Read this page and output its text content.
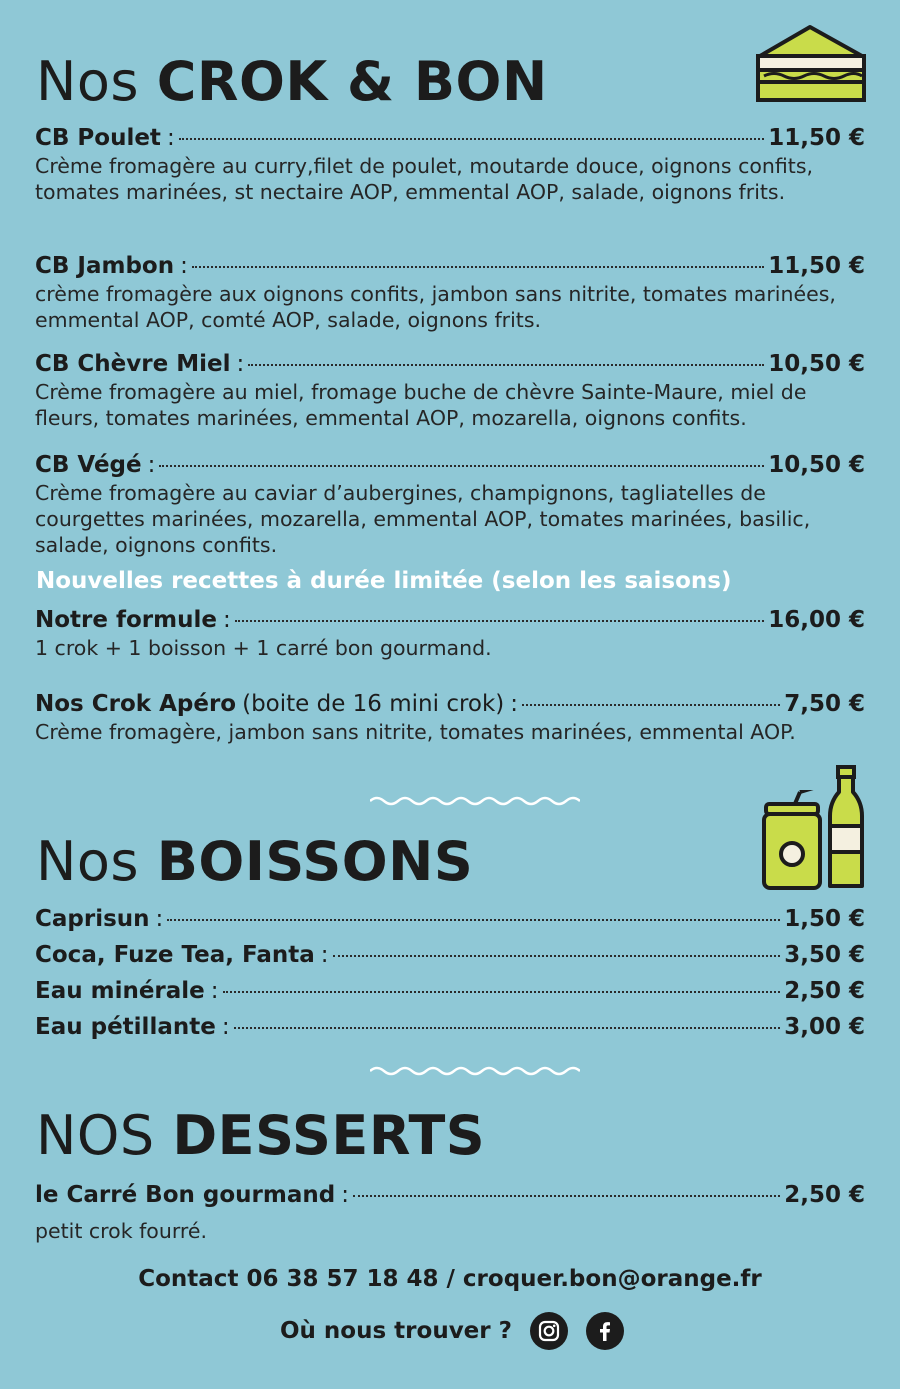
Nos CROK & BON
CB Poulet :	11,50 €
Crème fromagère au curry,filet de poulet, moutarde douce, oignons confits, tomates marinées, st nectaire AOP, emmental AOP, salade, oignons frits.
CB Jambon :	11,50 €
crème fromagère aux oignons confits, jambon sans nitrite, tomates marinées, emmental AOP, comté AOP, salade, oignons frits.
CB Chèvre Miel :	10,50 €
Crème fromagère au miel, fromage buche de chèvre Sainte-Maure, miel de fleurs, tomates marinées, emmental AOP, mozarella, oignons confits.
CB Végé :	10,50 €
Crème fromagère au caviar d’aubergines, champignons, tagliatelles de courgettes marinées, mozarella, emmental AOP, tomates marinées, basilic, salade, oignons confits.
Nouvelles recettes à durée limitée (selon les saisons)
Notre formule :	16,00 €
1 crok + 1 boisson + 1 carré bon gourmand.
Nos Crok Apéro (boite de 16 mini crok) :	7,50 €
Crème fromagère, jambon sans nitrite, tomates marinées, emmental AOP.
Nos BOISSONS
Caprisun :	1,50 €
Coca, Fuze Tea, Fanta :	3,50 €
Eau minérale :	2,50 €
Eau pétillante :	3,00 €
NOS DESSERTS
le Carré Bon gourmand :	2,50 €
petit crok fourré.
Contact 06 38 57 18 48 / croquer.bon@orange.fr
Où nous trouver ?
